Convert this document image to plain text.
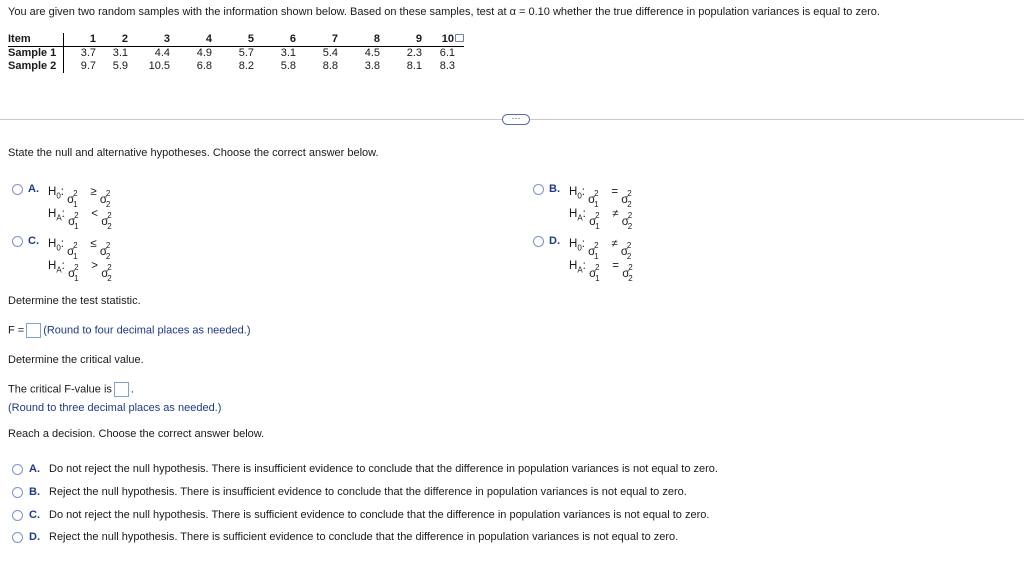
You are given two random samples with the information shown below. Based on these samples, test at α = 0.10 whether the true difference in population variances is equal to zero.
Item	1	2	3	4	5	6	7	8	9	10
Sample 1	3.7	3.1	4.4	4.9	5.7	3.1	5.4	4.5	2.3	6.1
Sample 2	9.7	5.9	10.5	6.8	8.2	5.8	8.8	3.8	8.1	8.3
···
State the null and alternative hypotheses. Choose the correct answer below.
A. $H_0$:
σ
2
1
≥
σ
2
2
$H_A$:
σ
2
1
<
σ
2
2
C. $H_0$:
σ
2
1
≤
σ
2
2
$H_A$:
σ
2
1
>
σ
2
2
B. $H_0$:
σ
2
1
=
σ
2
2
$H_A$:
σ
2
1
≠
σ
2
2
D. $H_0$:
σ
2
1
≠
σ
2
2
$H_A$:
σ
2
1
=
σ
2
2
Determine the test statistic.
F = (Round to four decimal places as needed.)
Determine the critical value.
The critical F-value is .
(Round to three decimal places as needed.)
Reach a decision. Choose the correct answer below.
A. Do not reject the null hypothesis. There is insufficient evidence to conclude that the difference in population variances is not equal to zero.
B. Reject the null hypothesis. There is insufficient evidence to conclude that the difference in population variances is not equal to zero.
C. Do not reject the null hypothesis. There is sufficient evidence to conclude that the difference in population variances is not equal to zero.
D. Reject the null hypothesis. There is sufficient evidence to conclude that the difference in population variances is not equal to zero.
